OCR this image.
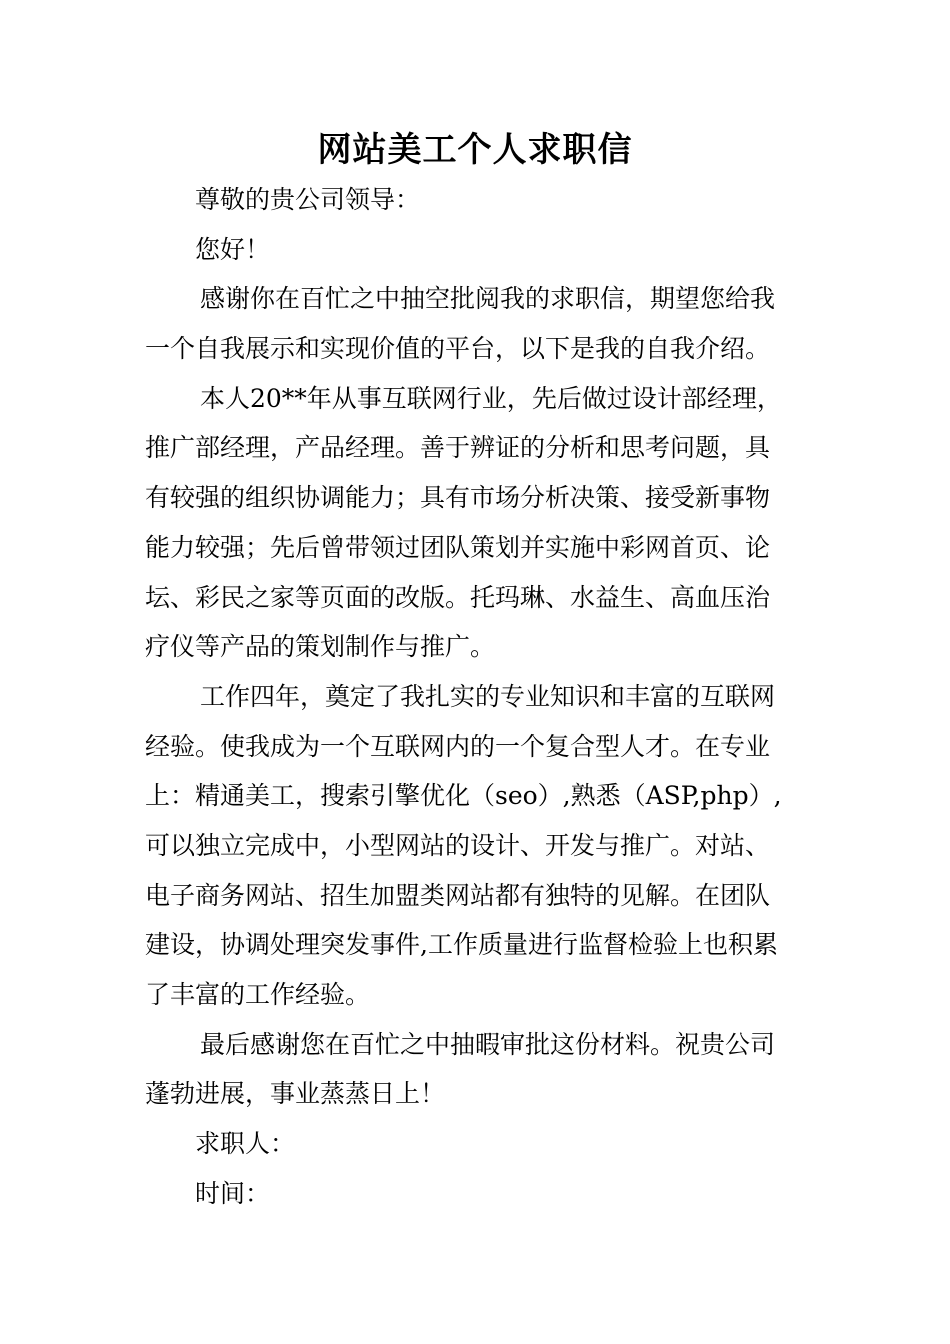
网站美工个人求职信
尊敬的贵公司领导：
您好！
感谢你在百忙之中抽空批阅我的求职信，期望您给我
一个自我展示和实现价值的平台，以下是我的自我介绍。
本人20**年从事互联网行业，先后做过设计部经理，
推广部经理，产品经理。善于辨证的分析和思考问题，具
有较强的组织协调能力；具有市场分析决策、接受新事物
能力较强；先后曾带领过团队策划并实施中彩网首页、论
坛、彩民之家等页面的改版。托玛琳、水益生、高血压治
疗仪等产品的策划制作与推广。
工作四年，奠定了我扎实的专业知识和丰富的互联网
经验。使我成为一个互联网内的一个复合型人才。在专业
上：精通美工，搜索引擎优化（seo）,熟悉（ASP,php）,
可以独立完成中，小型网站的设计、开发与推广。对站、
电子商务网站、招生加盟类网站都有独特的见解。在团队
建设，协调处理突发事件,工作质量进行监督检验上也积累
了丰富的工作经验。
最后感谢您在百忙之中抽暇审批这份材料。祝贵公司
蓬勃进展，事业蒸蒸日上！
求职人：
时间：
